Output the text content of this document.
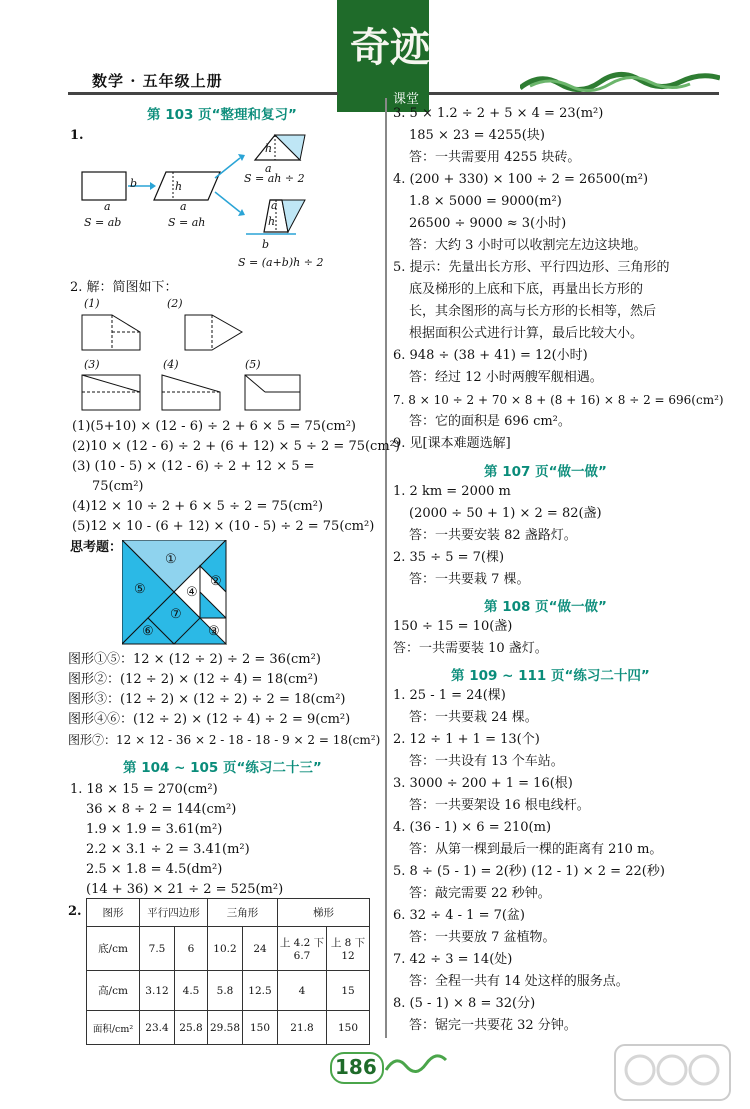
奇迹
课堂
数学 · 五年级上册
第 103 页“整理和复习”
1.
b
a
h
a
h
a
S = ah ÷ 2
S = ab	S = ah
a
h
b
S = (a+b)h ÷ 2
2. 解：简图如下：
(1)	(2)
(3)	(4)	(5)
(1)(5+10) × (12 - 6) ÷ 2 + 6 × 5 = 75(cm²)
(2)10 × (12 - 6) ÷ 2 + (6 + 12) × 5 ÷ 2 = 75(cm²)
(3) (10 - 5) × (12 - 6) ÷ 2 + 12 × 5 =
75(cm²)
(4)12 × 10 ÷ 2 + 6 × 5 ÷ 2 = 75(cm²)
(5)12 × 10 - (6 + 12) × (10 - 5) ÷ 2 = 75(cm²)
思考题：
①
②
③
④
⑤
⑥
⑦
图形①⑤：12 × (12 ÷ 2) ÷ 2 = 36(cm²)
图形②：(12 ÷ 2) × (12 ÷ 4) = 18(cm²)
图形③：(12 ÷ 2) × (12 ÷ 2) ÷ 2 = 18(cm²)
图形④⑥：(12 ÷ 2) × (12 ÷ 4) ÷ 2 = 9(cm²)
图形⑦：12 × 12 - 36 × 2 - 18 - 18 - 9 × 2 = 18(cm²)
第 104 ~ 105 页“练习二十三”
1. 18 × 15 = 270(cm²)
36 × 8 ÷ 2 = 144(cm²)
1.9 × 1.9 = 3.61(m²)
2.2 × 3.1 ÷ 2 = 3.41(m²)
2.5 × 1.8 = 4.5(dm²)
(14 + 36) × 21 ÷ 2 = 525(m²)
2. 图形	平行四边形		三角形		梯形	
底/cm	7.5	6	10.2	24	上 4.2 下 6.7	上 8 下 12
高/cm	3.12	4.5	5.8	12.5	4	15
面积/cm²	23.4	25.8	29.58	150	21.8	150
3. 5 × 1.2 ÷ 2 + 5 × 4 = 23(m²)
185 × 23 = 4255(块)
答：一共需要用 4255 块砖。
4. (200 + 330) × 100 ÷ 2 = 26500(m²)
1.8 × 5000 = 9000(m²)
26500 ÷ 9000 ≈ 3(小时)
答：大约 3 小时可以收割完左边这块地。
5. 提示：先量出长方形、平行四边形、三角形的
底及梯形的上底和下底，再量出长方形的
长，其余图形的高与长方形的长相等，然后
根据面积公式进行计算，最后比较大小。
6. 948 ÷ (38 + 41) = 12(小时)
答：经过 12 小时两艘军舰相遇。
7. 8 × 10 ÷ 2 + 70 × 8 + (8 + 16) × 8 ÷ 2 = 696(cm²)
答：它的面积是 696 cm²。
9. 见[课本难题选解]
第 107 页“做一做”
1. 2 km = 2000 m
(2000 ÷ 50 + 1) × 2 = 82(盏)
答：一共要安装 82 盏路灯。
2. 35 ÷ 5 = 7(棵)
答：一共要栽 7 棵。
第 108 页“做一做”
150 ÷ 15 = 10(盏)
答：一共需要装 10 盏灯。
第 109 ~ 111 页“练习二十四”
1. 25 - 1 = 24(棵)
答：一共要栽 24 棵。
2. 12 ÷ 1 + 1 = 13(个)
答：一共设有 13 个车站。
3. 3000 ÷ 200 + 1 = 16(根)
答：一共要架设 16 根电线杆。
4. (36 - 1) × 6 = 210(m)
答：从第一棵到最后一棵的距离有 210 m。
5. 8 ÷ (5 - 1) = 2(秒) (12 - 1) × 2 = 22(秒)
答：敲完需要 22 秒钟。
6. 32 ÷ 4 - 1 = 7(盆)
答：一共要放 7 盆植物。
7. 42 ÷ 3 = 14(处)
答：全程一共有 14 处这样的服务点。
8. (5 - 1) × 8 = 32(分)
答：锯完一共要花 32 分钟。
186
